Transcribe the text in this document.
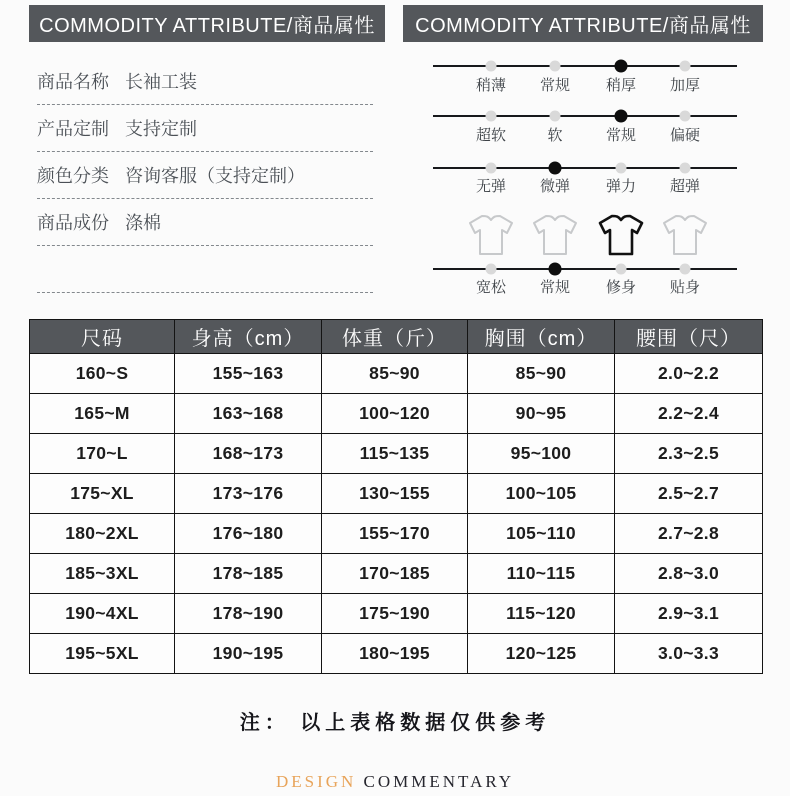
COMMODITY ATTRIBUTE/商品属性 COMMODITY ATTRIBUTE/商品属性
商品名称 长袖工装
产品定制 支持定制
颜色分类 咨询客服（支持定制）
商品成份 涤棉
稍薄 常规 稍厚 加厚
超软	软	常规 偏硬
无弹 微弹 弹力 超弹
宽松 常规 修身 贴身
尺码	身高（cm）	体重（斤）	胸围（cm）	腰围（尺）
160~S	155~163	85~90	85~90	2.0~2.2
165~M	163~168	100~120	90~95	2.2~2.4
170~L	168~173	115~135	95~100	2.3~2.5
175~XL	173~176	130~155	100~105	2.5~2.7
180~2XL	176~180	155~170	105~110	2.7~2.8
185~3XL	178~185	170~185	110~115	2.8~3.0
190~4XL	178~190	175~190	115~120	2.9~3.1
195~5XL	190~195	180~195	120~125	3.0~3.3
注： 以上表格数据仅供参考
DESIGN COMMENTARY
